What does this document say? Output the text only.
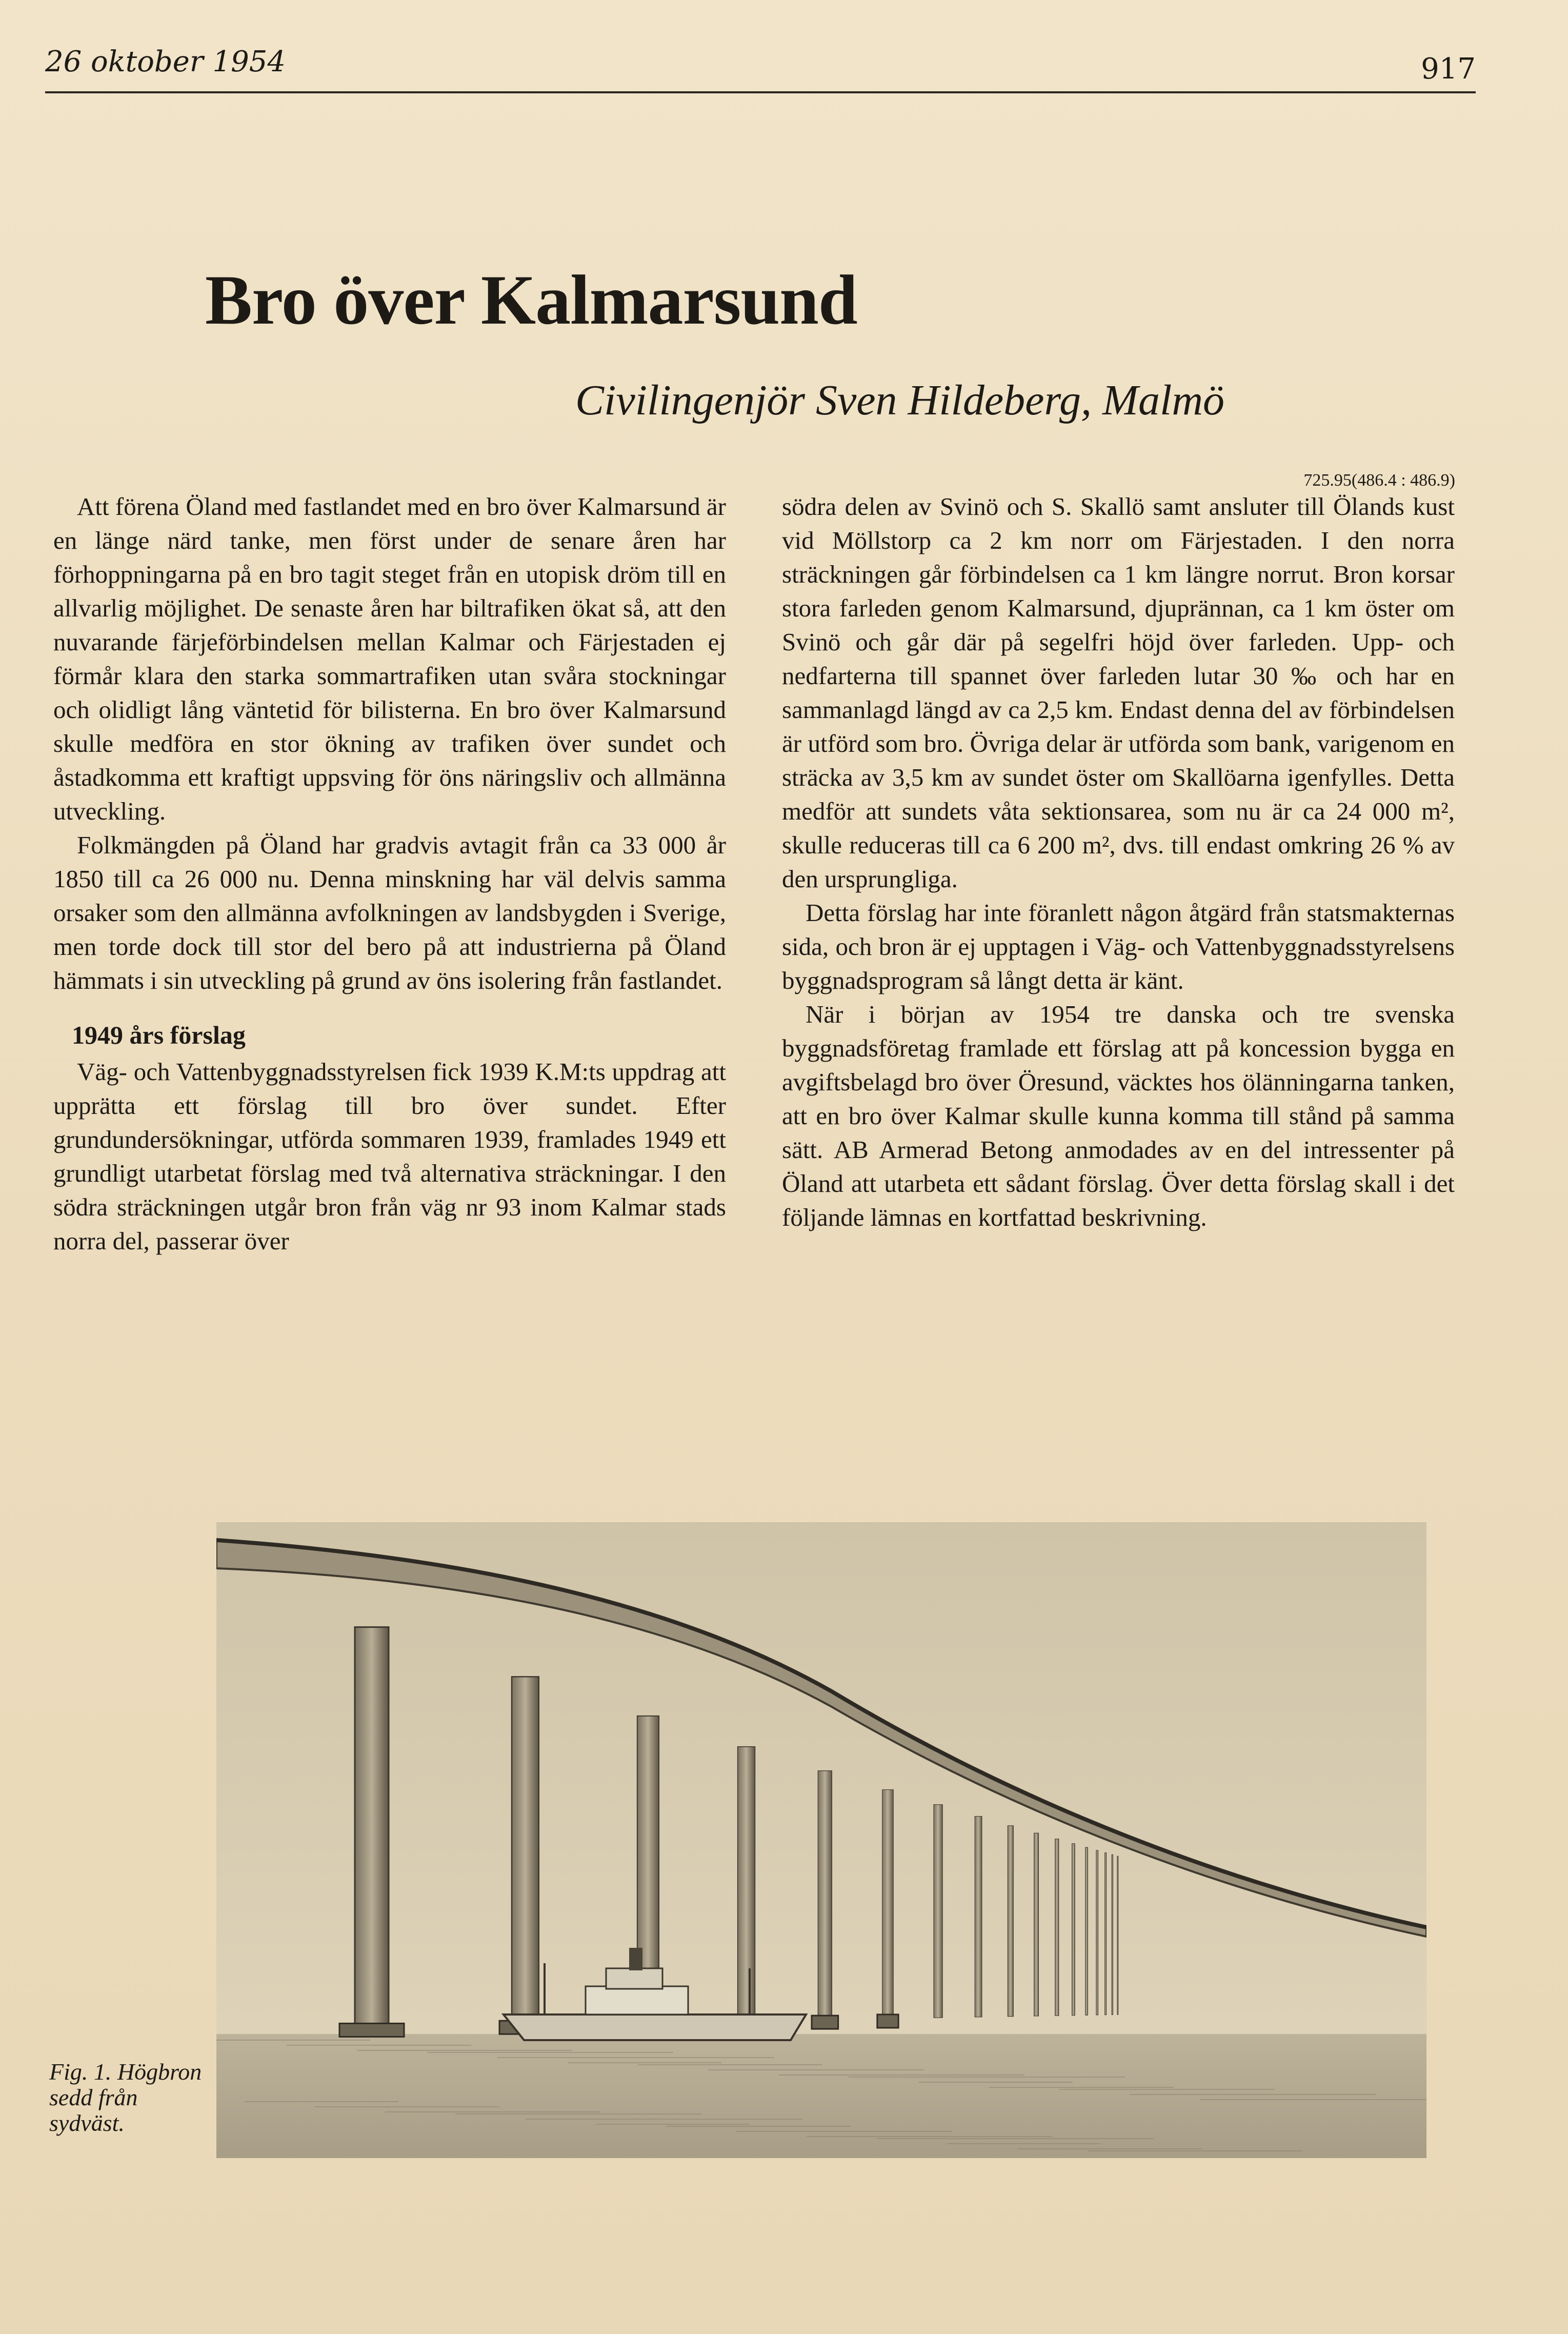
26 oktober 1954	917
Bro över Kalmarsund
Civilingenjör Sven Hildeberg, Malmö
725.95(486.4 : 486.9)

Att förena Öland med fastlandet med en bro över Kalmarsund är en länge närd tanke, men först under de senare åren har förhoppningarna på en bro tagit steget från en utopisk dröm till en allvarlig möjlighet. De senaste åren har biltrafiken ökat så, att den nuvarande färjeförbindelsen mellan Kalmar och Färjestaden ej förmår klara den starka sommartrafiken utan svåra stockningar och olidligt lång väntetid för bilisterna. En bro över Kalmarsund skulle medföra en stor ökning av trafiken över sundet och åstadkomma ett kraftigt uppsving för öns näringsliv och allmänna utveckling.

Folkmängden på Öland har gradvis avtagit från ca 33 000 år 1850 till ca 26 000 nu. Denna minskning har väl delvis samma orsaker som den allmänna avfolkningen av landsbygden i Sverige, men torde dock till stor del bero på att industrierna på Öland hämmats i sin utveckling på grund av öns isolering från fastlandet.

1949 års förslag

Väg- och Vattenbyggnadsstyrelsen fick 1939 K.M:ts uppdrag att upprätta ett förslag till bro över sundet. Efter grundundersökningar, utförda sommaren 1939, framlades 1949 ett grundligt utarbetat förslag med två alternativa sträckningar. I den södra sträckningen utgår bron från väg nr 93 inom Kalmar stads norra del, passerar över

södra delen av Svinö och S. Skallö samt ansluter till Ölands kust vid Möllstorp ca 2 km norr om Färjestaden. I den norra sträckningen går förbindelsen ca 1 km längre norrut. Bron korsar stora farleden genom Kalmarsund, djuprännan, ca 1 km öster om Svinö och går där på segelfri höjd över farleden. Upp- och nedfarterna till spannet över farleden lutar 30 ‰ och har en sammanlagd längd av ca 2,5 km. Endast denna del av förbindelsen är utförd som bro. Övriga delar är utförda som bank, varigenom en sträcka av 3,5 km av sundet öster om Skallöarna igenfylles. Detta medför att sundets våta sektionsarea, som nu är ca 24 000 m², skulle reduceras till ca 6 200 m², dvs. till endast omkring 26 % av den ursprungliga.

Detta förslag har inte föranlett någon åtgärd från statsmakternas sida, och bron är ej upptagen i Väg- och Vattenbyggnadsstyrelsens byggnadsprogram så långt detta är känt.

När i början av 1954 tre danska och tre svenska byggnadsföretag framlade ett förslag att på koncession bygga en avgiftsbelagd bro över Öresund, väcktes hos ölänningarna tanken, att en bro över Kalmar skulle kunna komma till stånd på samma sätt. AB Armerad Betong anmodades av en del intressenter på Öland att utarbeta ett sådant förslag. Över detta förslag skall i det följande lämnas en kortfattad beskrivning.

Fig. 1. Högbron sedd från sydväst.
